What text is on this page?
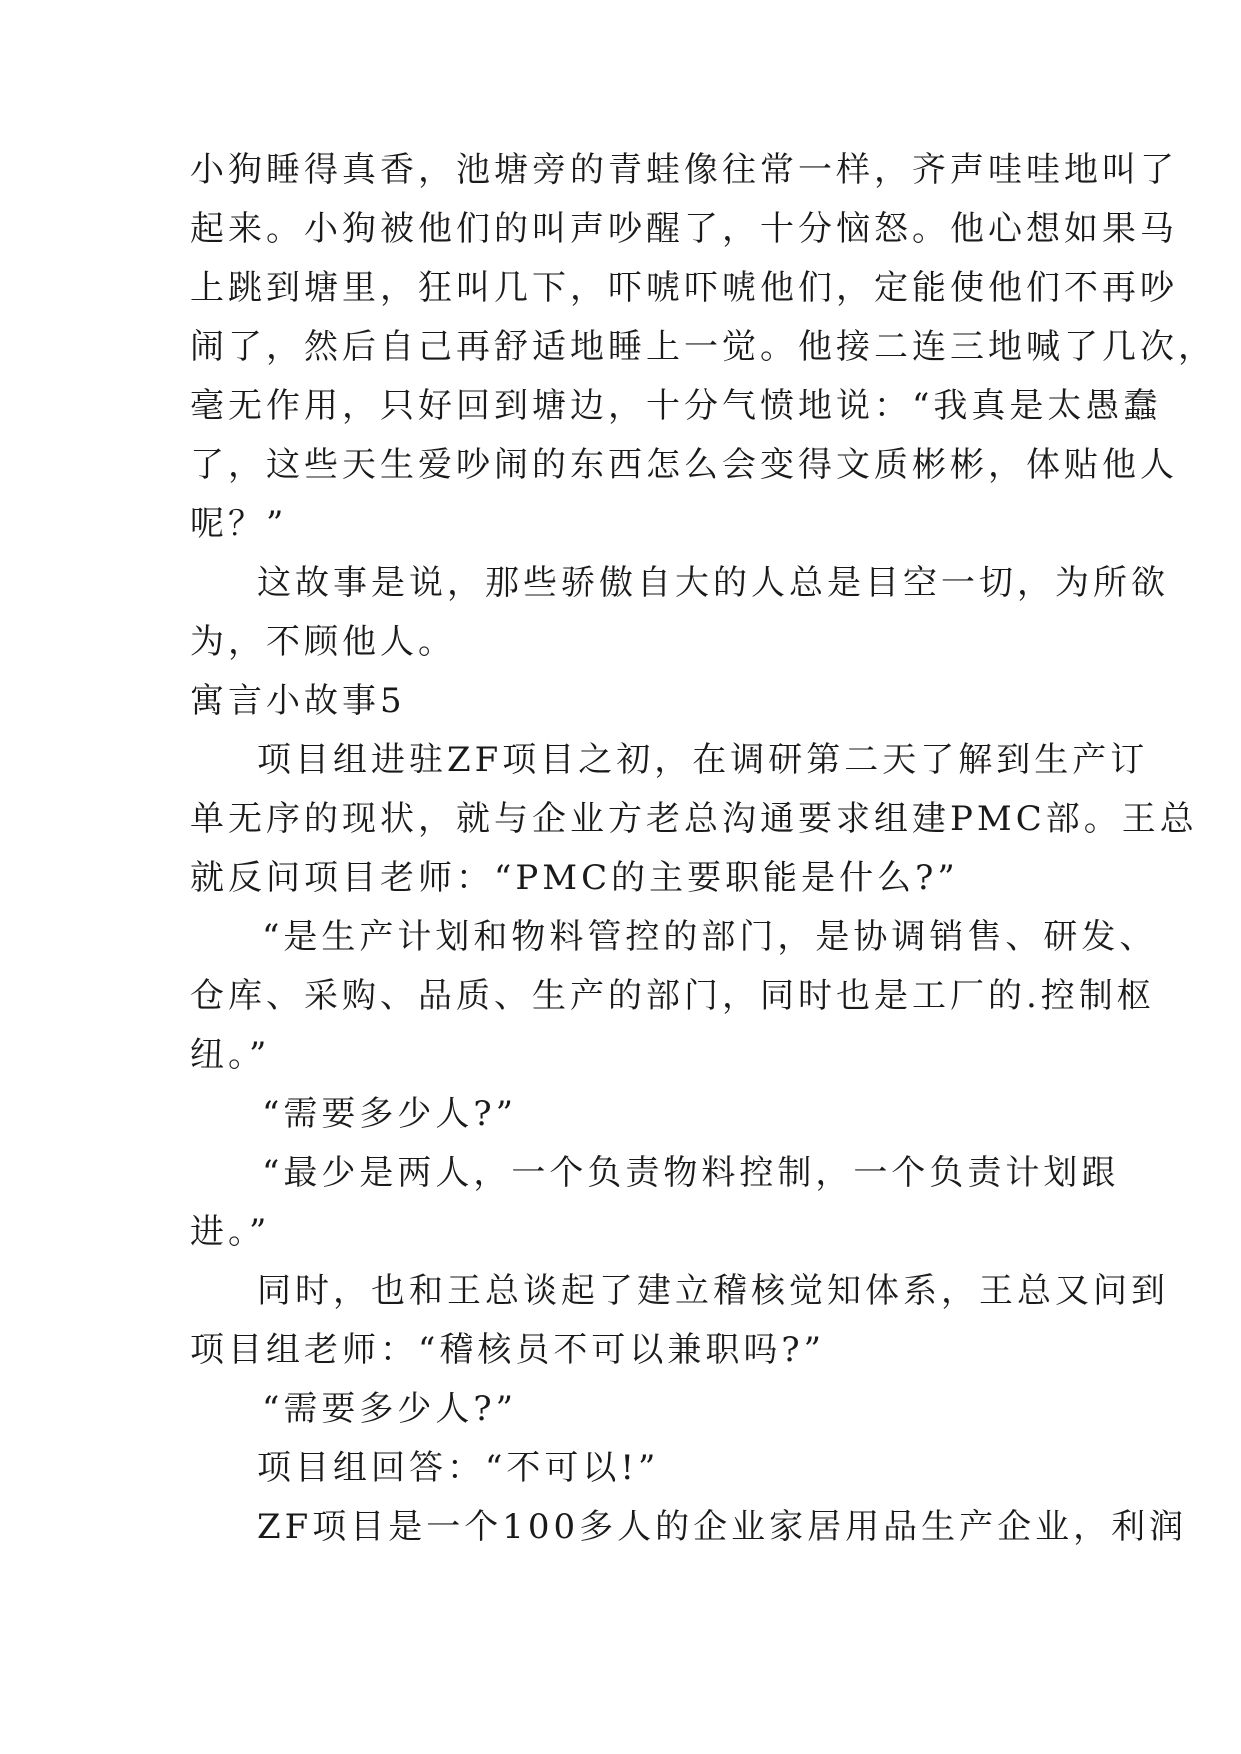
小狗睡得真香，池塘旁的青蛙像往常一样，齐声哇哇地叫了

起来。小狗被他们的叫声吵醒了，十分恼怒。他心想如果马

上跳到塘里，狂叫几下，吓唬吓唬他们，定能使他们不再吵

闹了，然后自己再舒适地睡上一觉。他接二连三地喊了几次，

毫无作用，只好回到塘边，十分气愤地说：“我真是太愚蠢

了，这些天生爱吵闹的东西怎么会变得文质彬彬，体贴他人

呢？”

这故事是说，那些骄傲自大的人总是目空一切，为所欲

为，不顾他人。

寓言小故事5

项目组进驻ZF项目之初，在调研第二天了解到生产订

单无序的现状，就与企业方老总沟通要求组建PMC部。王总

就反问项目老师：“PMC的主要职能是什么?”

“是生产计划和物料管控的部门，是协调销售、研发、

仓库、采购、品质、生产的部门，同时也是工厂的.控制枢

纽。”

“需要多少人?”

“最少是两人，一个负责物料控制，一个负责计划跟

进。”

同时，也和王总谈起了建立稽核觉知体系，王总又问到

项目组老师：“稽核员不可以兼职吗?”

“需要多少人?”

项目组回答：“不可以!”

ZF项目是一个100多人的企业家居用品生产企业，利润
